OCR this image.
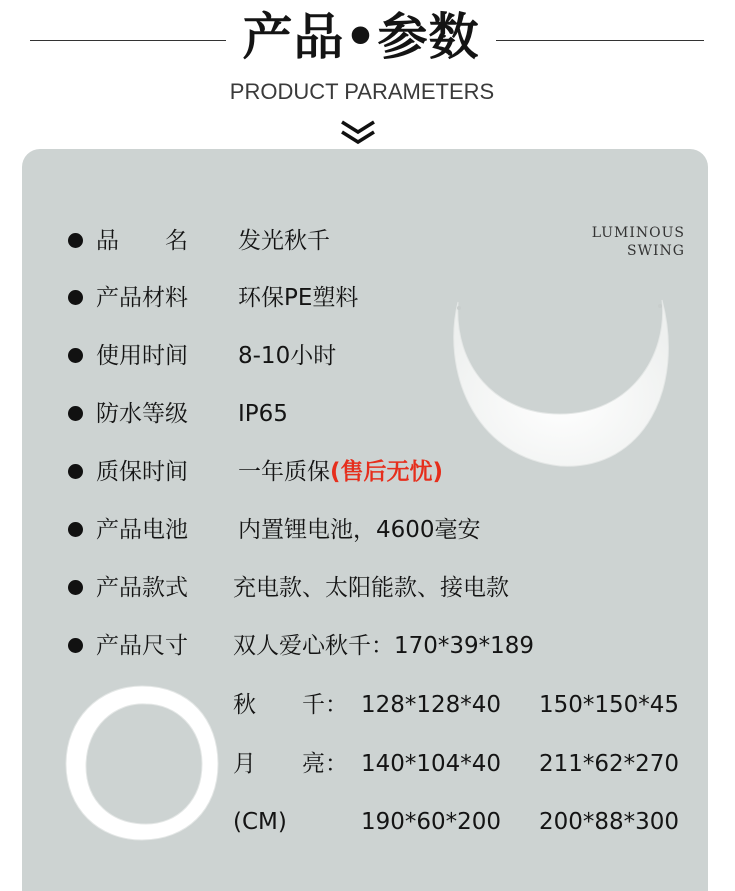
产品•参数
PRODUCT PARAMETERS
LUMINOUS
SWING
品　　名 发光秋千
产品材料 环保PE塑料
使用时间 8-10小时
防水等级 IP65
质保时间 一年质保(售后无忧)
产品电池 内置锂电池，4600毫安
产品款式 充电款、太阳能款、接电款
产品尺寸 双人爱心秋千：170*39*189
秋　　千： 128*128*40 150*150*45
月　　亮： 140*104*40 211*62*270
(CM)	190*60*200 200*88*300
